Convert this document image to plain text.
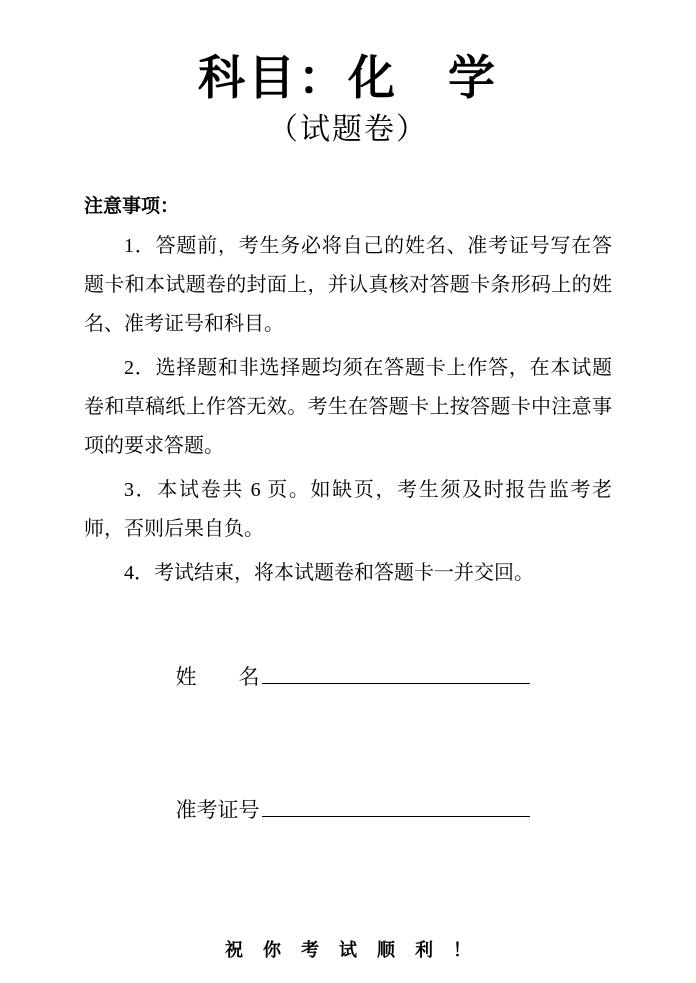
科目：化　学
（试题卷）
注意事项：

1．答题前，考生务必将自己的姓名、准考证号写在答题卡和本试题卷的封面上，并认真核对答题卡条形码上的姓名、准考证号和科目。

2．选择题和非选择题均须在答题卡上作答，在本试题卷和草稿纸上作答无效。考生在答题卡上按答题卡中注意事项的要求答题。

3．本试卷共 6 页。如缺页，考生须及时报告监考老师，否则后果自负。

4．考试结束，将本试题卷和答题卡一并交回。

姓　　名

准考证号

祝你考试顺利！
